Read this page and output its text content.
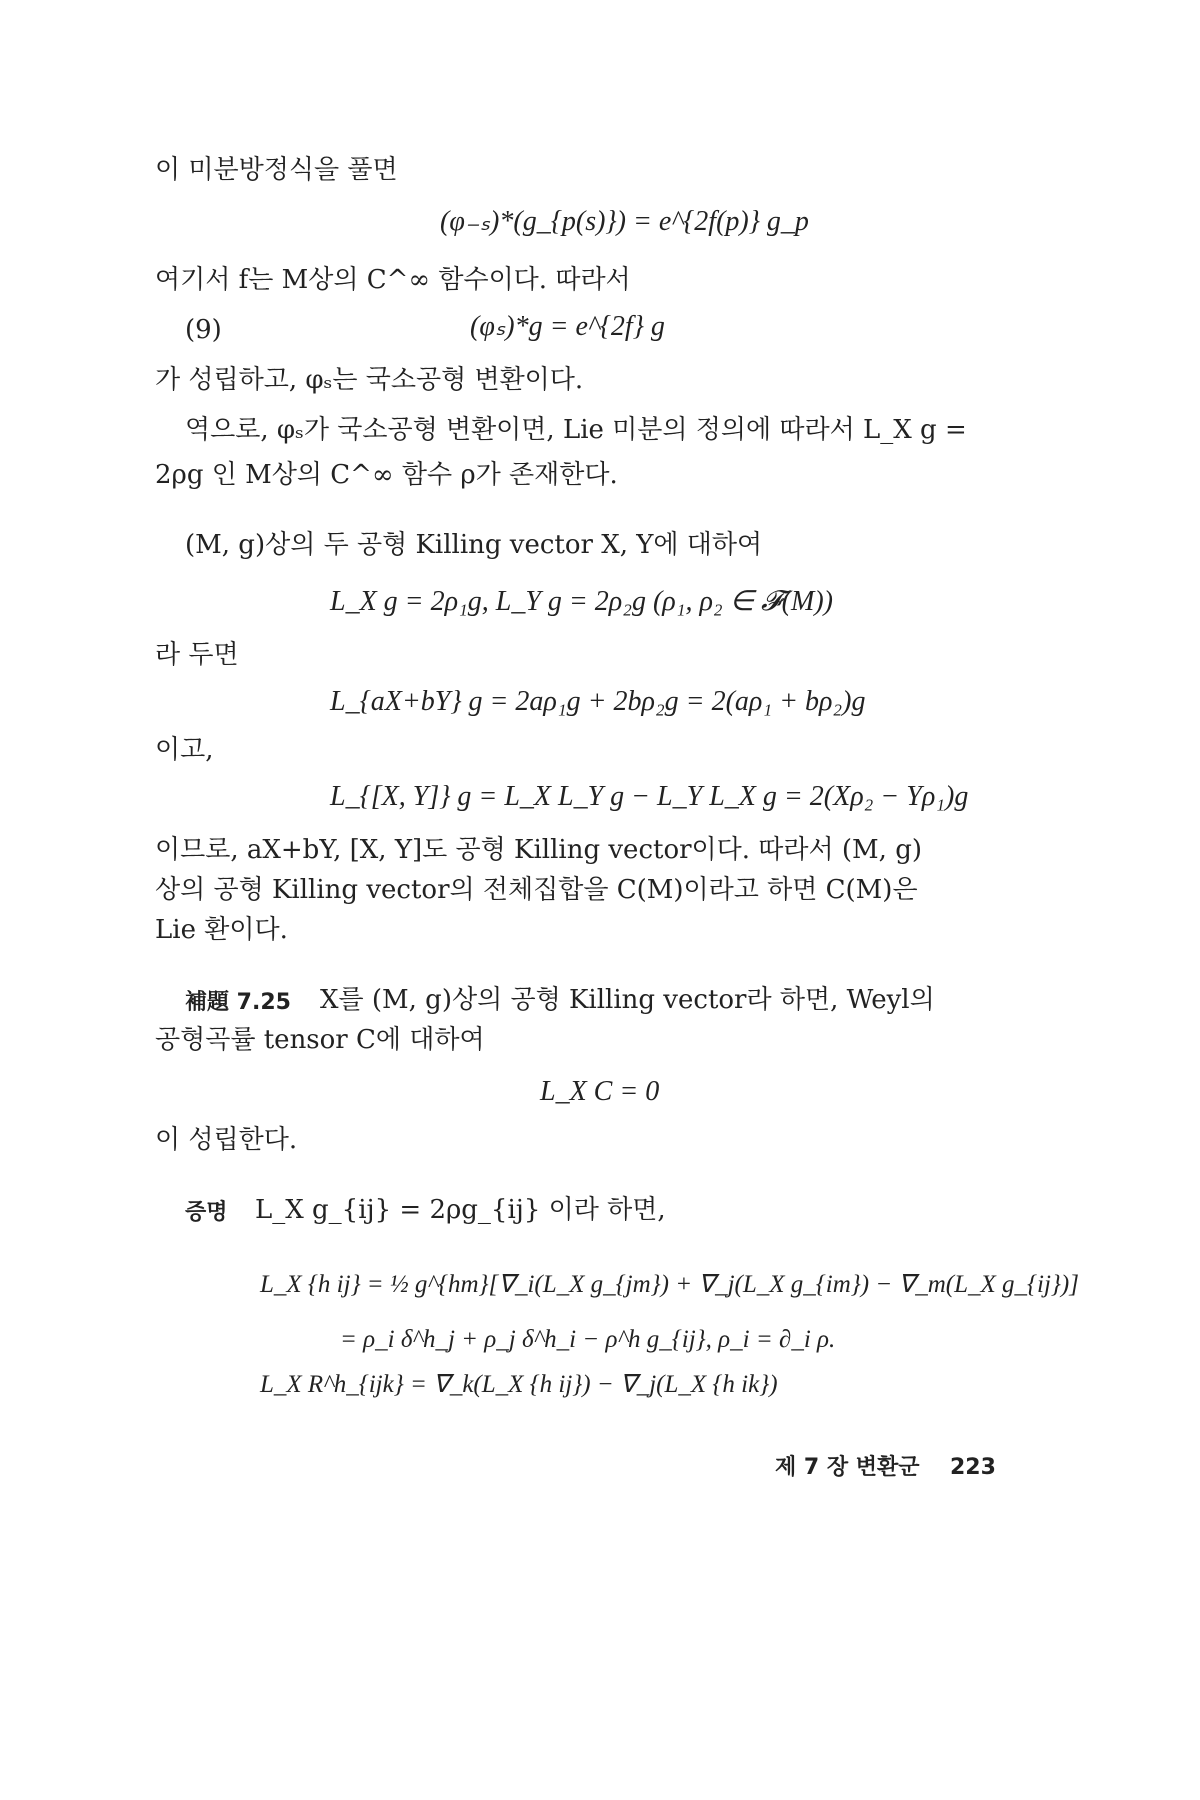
이 미분방정식을 풀면
(φ₋ₛ)*(g_{p(s)}) = e^{2f(p)} g_p
여기서 f는 M상의 C^∞ 함수이다. 따라서
(9)	(φₛ)*g = e^{2f} g
가 성립하고, φₛ는 국소공형 변환이다.
역으로, φₛ가 국소공형 변환이면, Lie 미분의 정의에 따라서 L_X g =
2ρg 인 M상의 C^∞ 함수 ρ가 존재한다.
(M, g)상의 두 공형 Killing vector X, Y에 대하여
L_X g = 2ρ₁g, L_Y g = 2ρ₂g (ρ₁, ρ₂ ∈ 𝓕(M))
라 두면
L_{aX+bY} g = 2aρ₁g + 2bρ₂g = 2(aρ₁ + bρ₂)g
이고,
L_{[X, Y]} g = L_X L_Y g − L_Y L_X g = 2(Xρ₂ − Yρ₁)g
이므로, aX+bY, [X, Y]도 공형 Killing vector이다. 따라서 (M, g)
상의 공형 Killing vector의 전체집합을 C(M)이라고 하면 C(M)은
Lie 환이다.
補題 7.25 X를 (M, g)상의 공형 Killing vector라 하면, Weyl의
공형곡률 tensor C에 대하여
L_X C = 0
이 성립한다.
증명 L_X g_{ij} = 2ρg_{ij} 이라 하면,
L_X {h ij} = ½ g^{hm}[∇_i(L_X g_{jm}) + ∇_j(L_X g_{im}) − ∇_m(L_X g_{ij})]
= ρ_i δ^h_j + ρ_j δ^h_i − ρ^h g_{ij}, ρ_i = ∂_i ρ.
L_X R^h_{ijk} = ∇_k(L_X {h ij}) − ∇_j(L_X {h ik})
제 7 장 변환군 223
